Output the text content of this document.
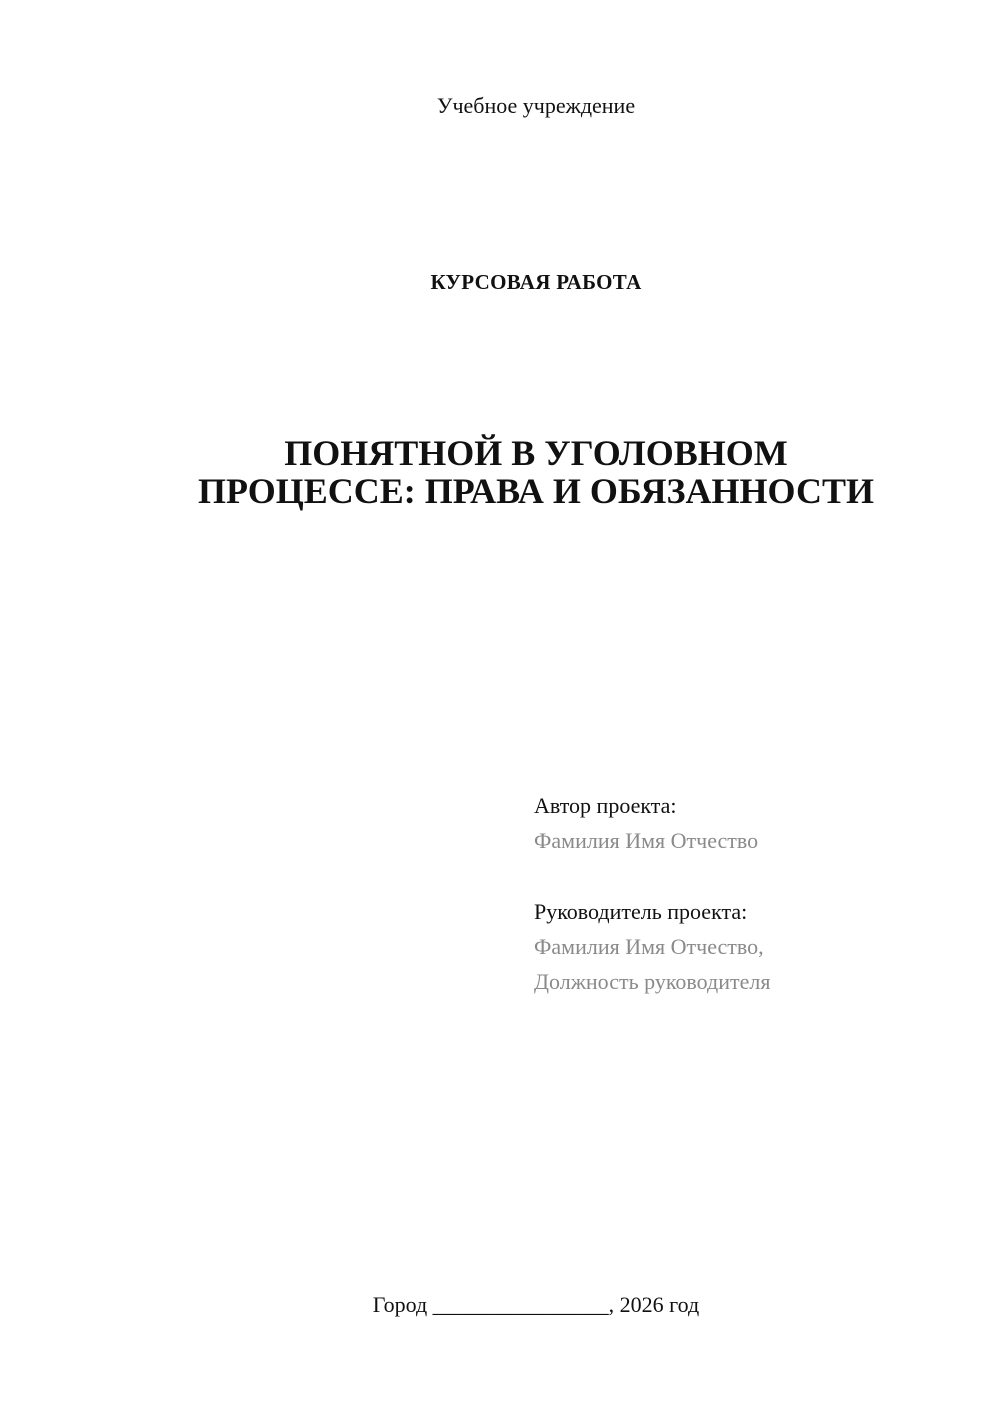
Учебное учреждение
КУРСОВАЯ РАБОТА
ПОНЯТНОЙ В УГОЛОВНОМ
ПРОЦЕССЕ: ПРАВА И ОБЯЗАННОСТИ
Автор проекта:
Фамилия Имя Отчество
Руководитель проекта:
Фамилия Имя Отчество,
Должность руководителя
Город ________________, 2026 год
